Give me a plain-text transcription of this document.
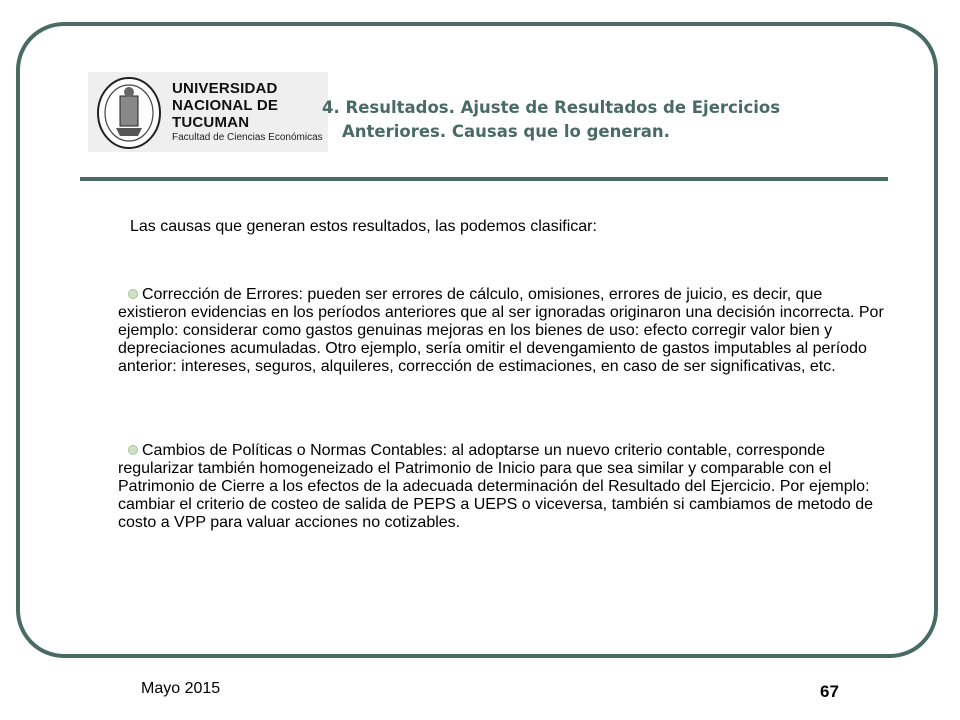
UNIVERSIDAD
NACIONAL DE
TUCUMAN
Facultad de Ciencias Económicas
4. Resultados. Ajuste de Resultados de Ejercicios
Anteriores. Causas que lo generan.
Las causas que generan estos resultados, las podemos clasificar:
Corrección de Errores: pueden ser errores de cálculo, omisiones, errores de juicio, es decir, que existieron evidencias en los períodos anteriores que al ser ignoradas originaron una decisión incorrecta. Por ejemplo: considerar como gastos genuinas mejoras en los bienes de uso: efecto corregir valor bien y depreciaciones acumuladas. Otro ejemplo, sería omitir el devengamiento de gastos imputables al período anterior: intereses, seguros, alquileres, corrección de estimaciones, en caso de ser significativas, etc.
Cambios de Políticas o Normas Contables: al adoptarse un nuevo criterio contable, corresponde regularizar también homogeneizado el Patrimonio de Inicio para que sea similar y comparable con el Patrimonio de Cierre a los efectos de la adecuada determinación del Resultado del Ejercicio. Por ejemplo: cambiar el criterio de costeo de salida de PEPS a UEPS o viceversa, también si cambiamos de metodo de costo a VPP para valuar acciones no cotizables.
Mayo 2015	67
